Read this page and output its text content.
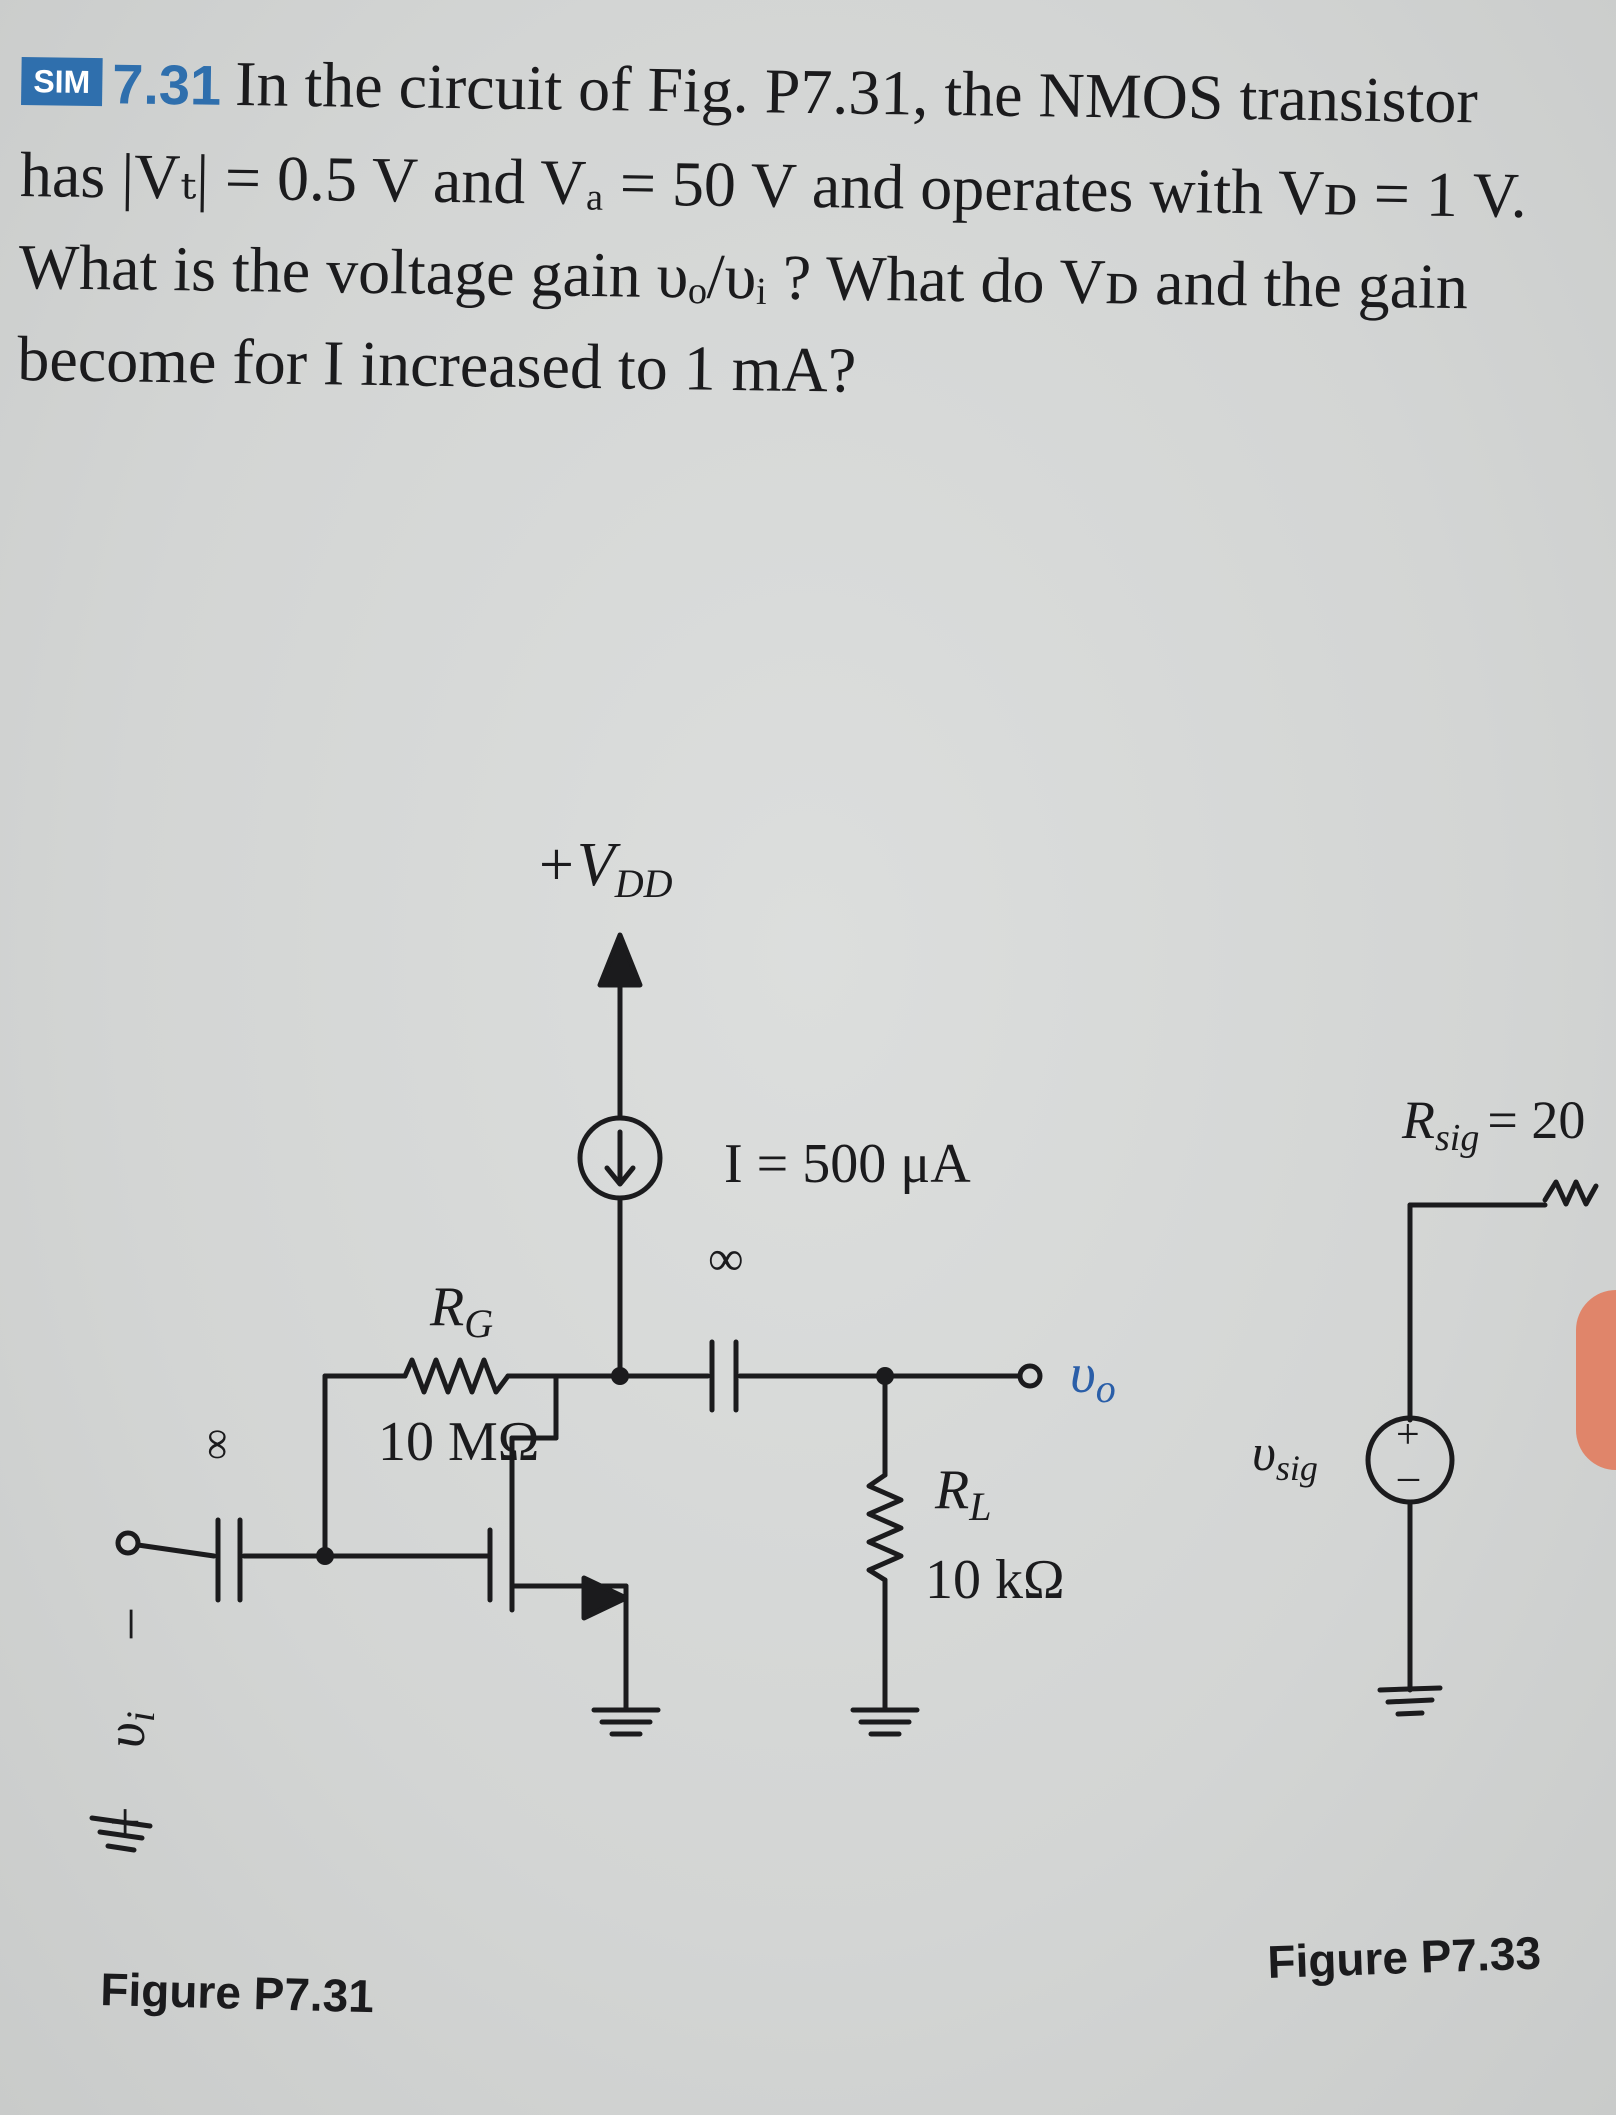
SIM 7.31 In the circuit of Fig. P7.31, the NMOS transistor
has |Vₜ| = 0.5 V and Vₐ = 50 V and operates with Vᴅ = 1 V.
What is the voltage gain υₒ/υᵢ ? What do Vᴅ and the gain
become for I increased to 1 mA?
+VDD
I = 500 μA
∞
∞
$R_G$
10 MΩ
$R_L$
10 kΩ
υo
+
υi
–
Figure P7.31
$R_{sig} = 20$
υsig
+
–
Figure P7.33
